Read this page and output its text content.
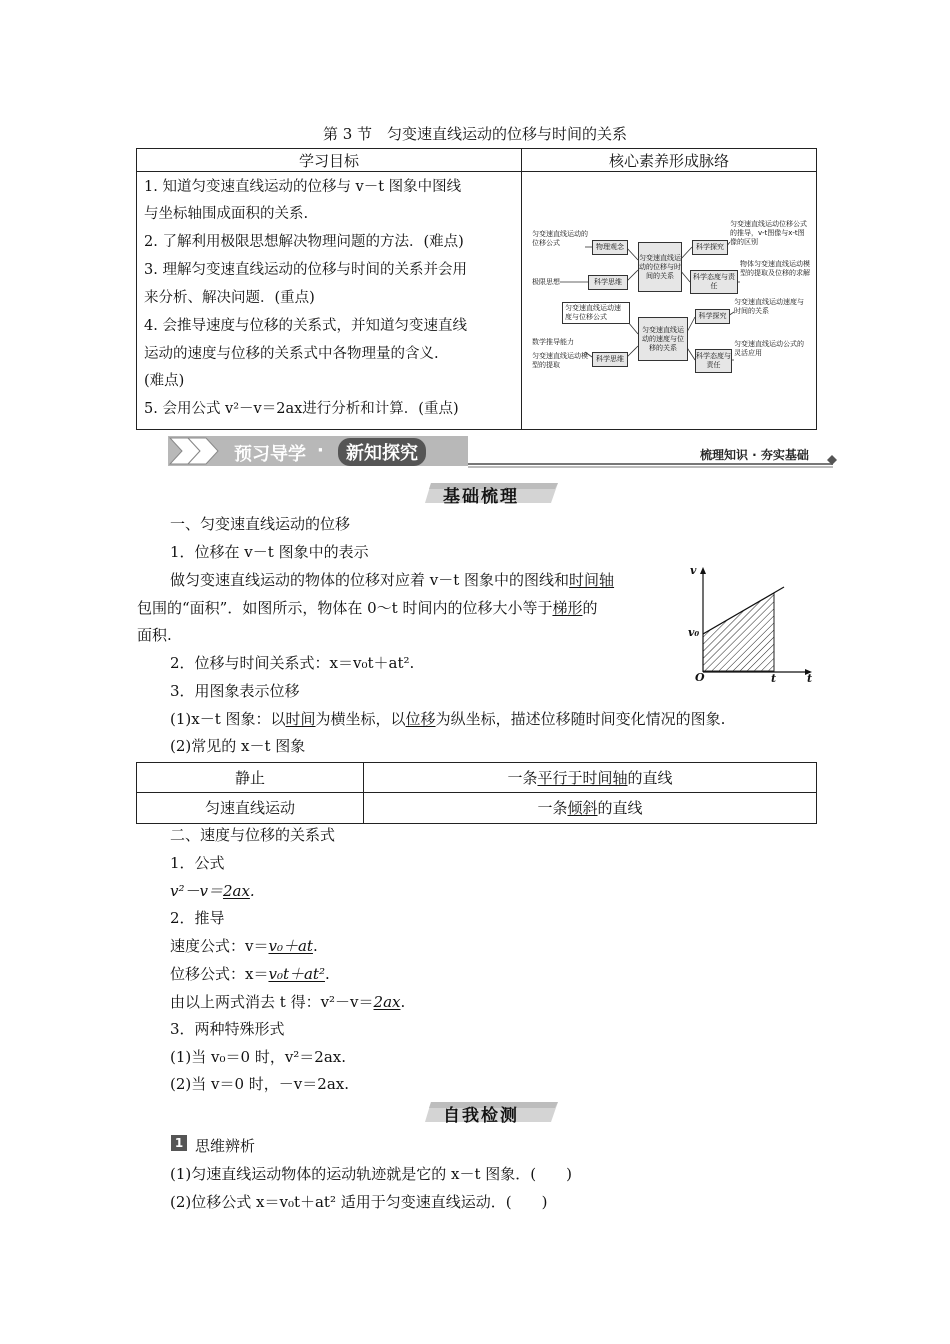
第 3 节　匀变速直线运动的位移与时间的关系
学习目标	核心素养形成脉络
1. 知道匀变速直线运动的位移与 v－t 图象中图线
与坐标轴围成面积的关系.
2. 了解利用极限思想解决物理问题的方法．(难点)
3. 理解匀变速直线运动的位移与时间的关系并会用
来分析、解决问题．(重点)
4. 会推导速度与位移的关系式，并知道匀变速直线
运动的速度与位移的关系式中各物理量的含义.
(难点)
5. 会用公式 v²－v＝2ax进行分析和计算．(重点)
匀变速直线运动的位移公式	物理观念
匀变速直线运动的位移与时间的关系
科学探究
匀变速直线运动位移公式的推导，v-t图像与x-t图像的区别
极限思想	科学思维
科学态度与责任
物体匀变速直线运动模型的提取及位移的求解
匀变速直线运动速度与位移公式
匀变速直线运动的速度与位移的关系
科学探究
匀变速直线运动速度与时间的关系
数学推导能力
匀变速直线运动模型的提取
科学思维	科学态度与责任
匀变速直线运动公式的灵活应用
预习导学 ·	新知探究	梳理知识 · 夯实基础
基础梳理
一、匀变速直线运动的位移
1．位移在 v－t 图象中的表示
做匀变速直线运动的物体的位移对应着 v－t 图象中的图线和时间轴
包围的“面积”．如图所示，物体在 0～t 时间内的位移大小等于梯形的
面积.
2．位移与时间关系式：x＝v₀t＋at².
3．用图象表示位移
(1)x－t 图象：以时间为横坐标，以位移为纵坐标，描述位移随时间变化情况的图象.
(2)常见的 x－t 图象
v
v₀
O	t	t
静止	一条平行于时间轴的直线
匀速直线运动	一条倾斜的直线
二、速度与位移的关系式
1．公式
v²－v＝2ax.
2．推导
速度公式：v＝v₀＋at.
位移公式：x＝v₀t＋at².
由以上两式消去 t 得：v²－v＝2ax.
3．两种特殊形式
(1)当 v₀＝0 时，v²＝2ax.
(2)当 v＝0 时，－v＝2ax.
自我检测
1 思维辨析
(1)匀速直线运动物体的运动轨迹就是它的 x－t 图象．(　　)
(2)位移公式 x＝v₀t＋at² 适用于匀变速直线运动．(　　)
